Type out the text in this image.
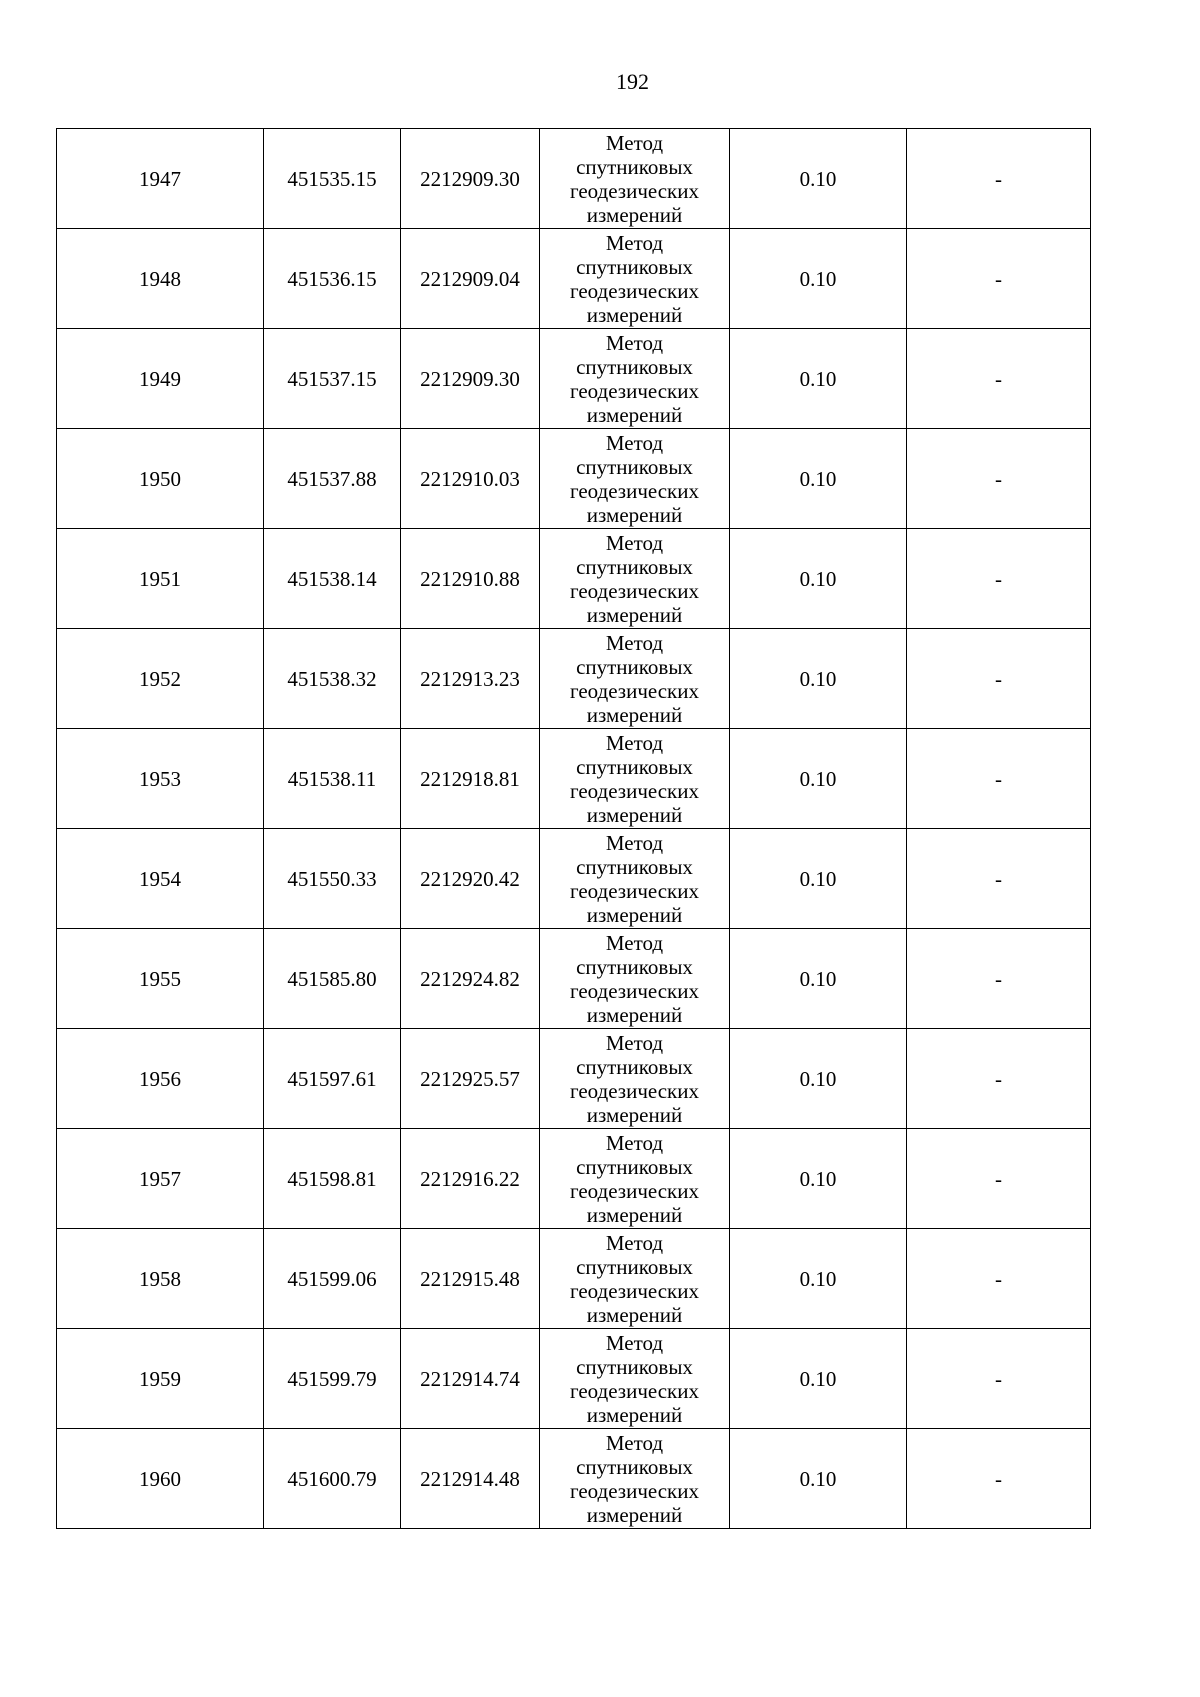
192
1947	451535.15	2212909.30	Метод
спутниковых
геодезических
измерений	0.10	-
1948	451536.15	2212909.04	Метод
спутниковых
геодезических
измерений	0.10	-
1949	451537.15	2212909.30	Метод
спутниковых
геодезических
измерений	0.10	-
1950	451537.88	2212910.03	Метод
спутниковых
геодезических
измерений	0.10	-
1951	451538.14	2212910.88	Метод
спутниковых
геодезических
измерений	0.10	-
1952	451538.32	2212913.23	Метод
спутниковых
геодезических
измерений	0.10	-
1953	451538.11	2212918.81	Метод
спутниковых
геодезических
измерений	0.10	-
1954	451550.33	2212920.42	Метод
спутниковых
геодезических
измерений	0.10	-
1955	451585.80	2212924.82	Метод
спутниковых
геодезических
измерений	0.10	-
1956	451597.61	2212925.57	Метод
спутниковых
геодезических
измерений	0.10	-
1957	451598.81	2212916.22	Метод
спутниковых
геодезических
измерений	0.10	-
1958	451599.06	2212915.48	Метод
спутниковых
геодезических
измерений	0.10	-
1959	451599.79	2212914.74	Метод
спутниковых
геодезических
измерений	0.10	-
1960	451600.79	2212914.48	Метод
спутниковых
геодезических
измерений	0.10	-
